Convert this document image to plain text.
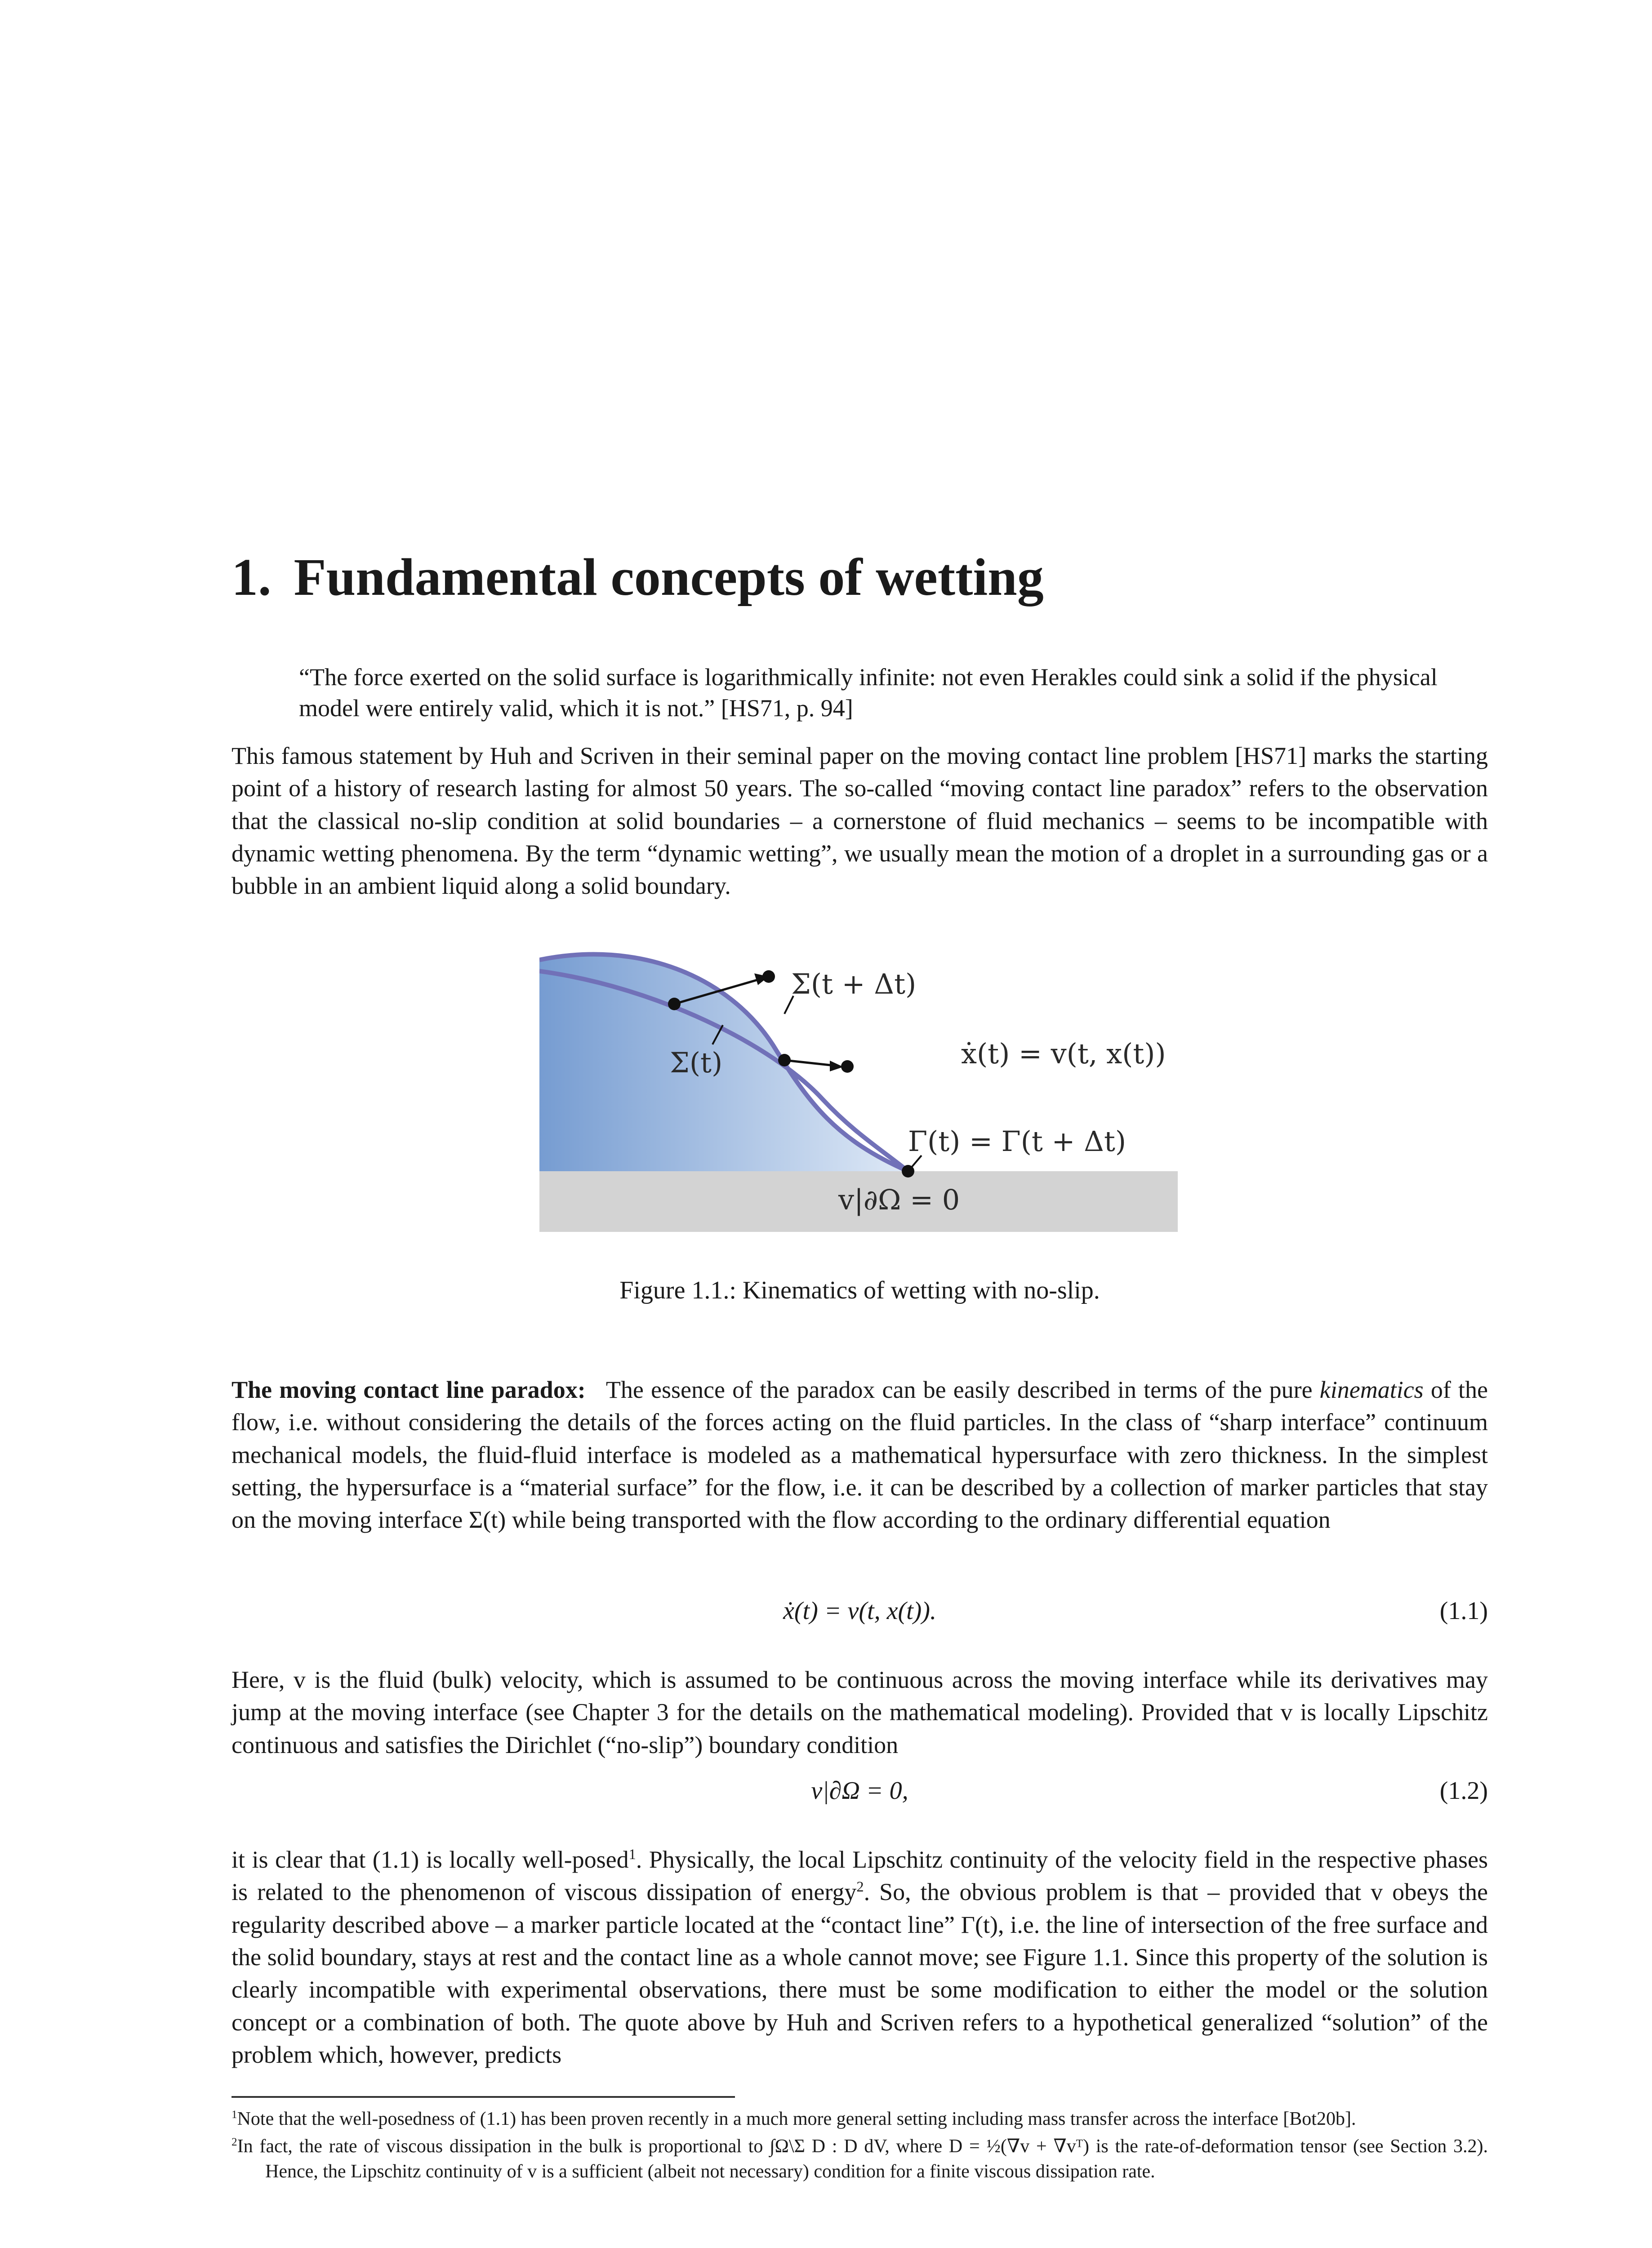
1. Fundamental concepts of wetting

“The force exerted on the solid surface is logarithmically infinite: not even Herakles could sink a solid if the physical model were entirely valid, which it is not.” [HS71, p. 94]

This famous statement by Huh and Scriven in their seminal paper on the moving contact line problem [HS71] marks the starting point of a history of research lasting for almost 50 years. The so-called “moving contact line paradox” refers to the observation that the classical no-slip condition at solid boundaries – a cornerstone of fluid mechanics – seems to be incompatible with dynamic wetting phenomena. By the term “dynamic wetting”, we usually mean the motion of a droplet in a surrounding gas or a bubble in an ambient liquid along a solid boundary.

Σ(t + Δt)
Σ(t)	ẋ(t) = v(t, x(t))
Γ(t) = Γ(t + Δt)
v|∂Ω = 0

Figure 1.1.: Kinematics of wetting with no-slip.

The moving contact line paradox: The essence of the paradox can be easily described in terms of the pure kinematics of the flow, i.e. without considering the details of the forces acting on the fluid particles. In the class of “sharp interface” continuum mechanical models, the fluid-fluid interface is modeled as a mathematical hypersurface with zero thickness. In the simplest setting, the hypersurface is a “material surface” for the flow, i.e. it can be described by a collection of marker particles that stay on the moving interface Σ(t) while being transported with the flow according to the ordinary differential equation

ẋ(t) = v(t, x(t)).	(1.1)

Here, v is the fluid (bulk) velocity, which is assumed to be continuous across the moving interface while its derivatives may jump at the moving interface (see Chapter 3 for the details on the mathematical modeling). Provided that v is locally Lipschitz continuous and satisfies the Dirichlet (“no-slip”) boundary condition

v|∂Ω = 0,	(1.2)

it is clear that (1.1) is locally well-posed$^1$. Physically, the local Lipschitz continuity of the velocity field in the respective phases is related to the phenomenon of viscous dissipation of energy$^2$. So, the obvious problem is that – provided that v obeys the regularity described above – a marker particle located at the “contact line” Γ(t), i.e. the line of intersection of the free surface and the solid boundary, stays at rest and the contact line as a whole cannot move; see Figure 1.1. Since this property of the solution is clearly incompatible with experimental observations, there must be some modification to either the model or the solution concept or a combination of both. The quote above by Huh and Scriven refers to a hypothetical generalized “solution” of the problem which, however, predicts

$^1$Note that the well-posedness of (1.1) has been proven recently in a much more general setting including mass transfer across the interface [Bot20b].

$^2$In fact, the rate of viscous dissipation in the bulk is proportional to ∫Ω\Σ D : D dV, where D = ½(∇v + ∇vᵀ) is the rate-of-deformation tensor (see Section 3.2). Hence, the Lipschitz continuity of v is a sufficient (albeit not necessary) condition for a finite viscous dissipation rate.
